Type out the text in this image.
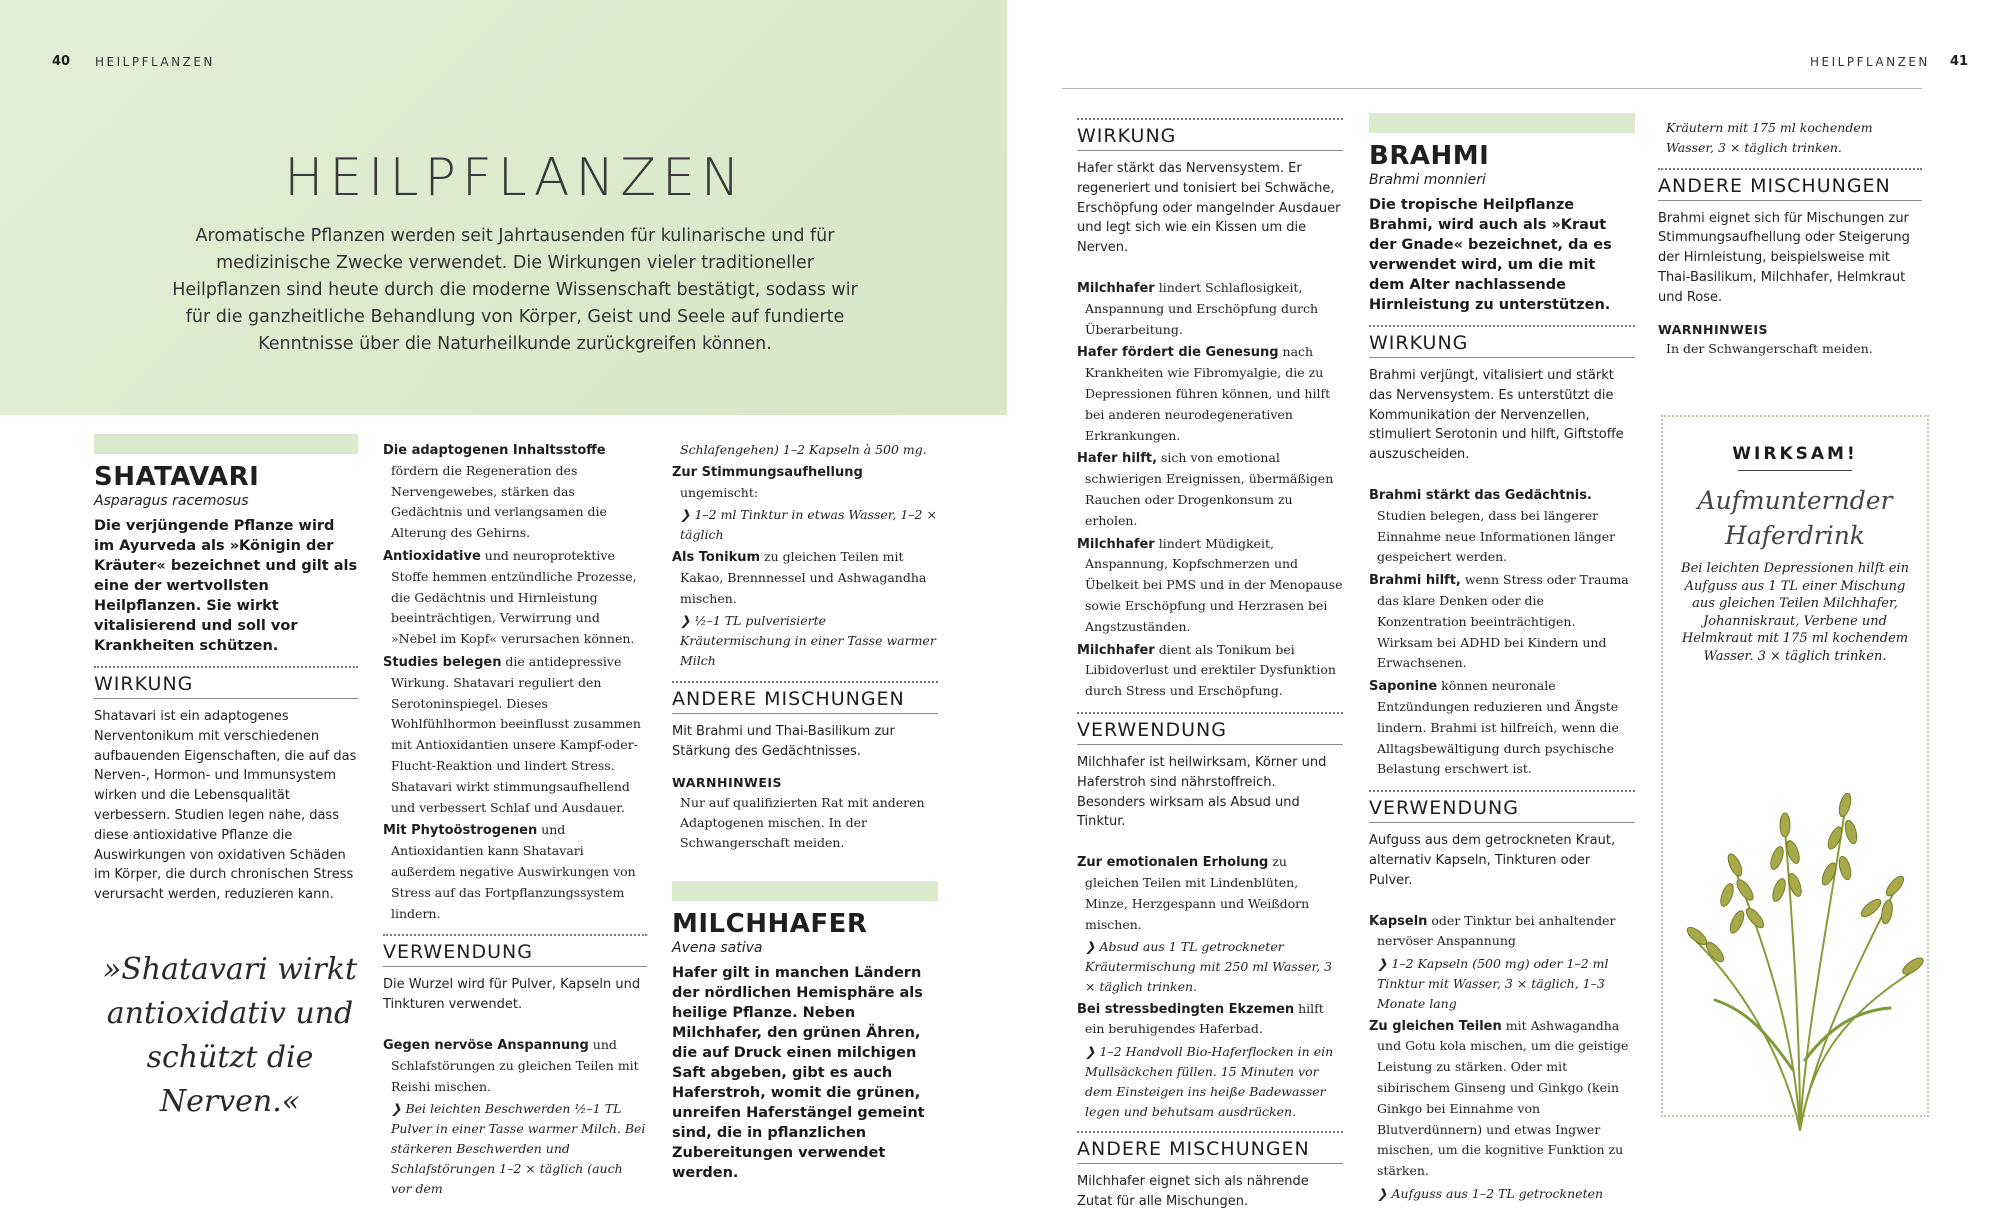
40 HEILPFLANZEN	HEILPFLANZEN 41
HEILPFLANZEN
Aromatische Pflanzen werden seit Jahrtausenden für kulinarische und für medizinische Zwecke verwendet. Die Wirkungen vieler traditioneller Heilpflanzen sind heute durch die moderne Wissenschaft bestätigt, sodass wir für die ganzheitliche Behandlung von Körper, Geist und Seele auf fundierte Kenntnisse über die Naturheilkunde zurückgreifen können.
SHATAVARI
Asparagus racemosus
Die verjüngende Pflanze wird im Ayurveda als »Königin der Kräuter« bezeichnet und gilt als eine der wertvollsten Heilpflanzen. Sie wirkt vitalisierend und soll vor Krankheiten schützen.
WIRKUNG
Shatavari ist ein adaptogenes Nerventonikum mit verschiedenen aufbauenden Eigenschaften, die auf das Nerven-, Hormon- und Immunsystem wirken und die Lebensqualität verbessern. Studien legen nahe, dass diese antioxidative Pflanze die Auswirkungen von oxidativen Schäden im Körper, die durch chronischen Stress verursacht werden, reduzieren kann.
»Shatavari wirkt antioxidativ und schützt die Nerven.«
Die adaptogenen Inhaltsstoffe fördern die Regeneration des Nervengewebes, stärken das Gedächtnis und verlangsamen die Alterung des Gehirns.
Antioxidative und neuroprotektive Stoffe hemmen entzündliche Prozesse, die Gedächtnis und Hirnleistung beeinträchtigen, Verwirrung und »Nebel im Kopf« verursachen können.
Studies belegen die antidepressive Wirkung. Shatavari reguliert den Serotoninspiegel. Dieses Wohlfühlhormon beeinflusst zusammen mit Antioxidantien unsere Kampf-oder-Flucht-Reaktion und lindert Stress. Shatavari wirkt stimmungsaufhellend und verbessert Schlaf und Ausdauer.
Mit Phytoöstrogenen und Antioxidantien kann Shatavari außerdem negative Auswirkungen von Stress auf das Fortpflanzungssystem lindern.
VERWENDUNG
Die Wurzel wird für Pulver, Kapseln und Tinkturen verwendet.
Gegen nervöse Anspannung und Schlafstörungen zu gleichen Teilen mit Reishi mischen.
❯ Bei leichten Beschwerden ½–1 TL Pulver in einer Tasse warmer Milch. Bei stärkeren Beschwerden und Schlafstörungen 1–2 × täglich (auch vor dem
Schlafengehen) 1–2 Kapseln à 500 mg.
Zur Stimmungsaufhellung ungemischt:
❯ 1–2 ml Tinktur in etwas Wasser, 1–2 × täglich
Als Tonikum zu gleichen Teilen mit Kakao, Brennnessel und Ashwagandha mischen.
❯ ½–1 TL pulverisierte Kräutermischung in einer Tasse warmer Milch
ANDERE MISCHUNGEN
Mit Brahmi und Thai-Basilikum zur Stärkung des Gedächtnisses.
WARNHINWEIS
Nur auf qualifizierten Rat mit anderen Adaptogenen mischen. In der Schwangerschaft meiden.
MILCHHAFER
Avena sativa
Hafer gilt in manchen Ländern der nördlichen Hemisphäre als heilige Pflanze. Neben Milchhafer, den grünen Ähren, die auf Druck einen milchigen Saft abgeben, gibt es auch Haferstroh, womit die grünen, unreifen Haferstängel gemeint sind, die in pflanzlichen Zubereitungen verwendet werden.
WIRKUNG
Hafer stärkt das Nervensystem. Er regeneriert und tonisiert bei Schwäche, Erschöpfung oder mangelnder Ausdauer und legt sich wie ein Kissen um die Nerven.
Milchhafer lindert Schlaflosigkeit, Anspannung und Erschöpfung durch Überarbeitung.
Hafer fördert die Genesung nach Krankheiten wie Fibromyalgie, die zu Depressionen führen können, und hilft bei anderen neurodegenerativen Erkrankungen.
Hafer hilft, sich von emotional schwierigen Ereignissen, übermäßigen Rauchen oder Drogenkonsum zu erholen.
Milchhafer lindert Müdigkeit, Anspannung, Kopfschmerzen und Übelkeit bei PMS und in der Menopause sowie Erschöpfung und Herzrasen bei Angstzuständen.
Milchhafer dient als Tonikum bei Libidoverlust und erektiler Dysfunktion durch Stress und Erschöpfung.
VERWENDUNG
Milchhafer ist heilwirksam, Körner und Haferstroh sind nährstoffreich. Besonders wirksam als Absud und Tinktur.
Zur emotionalen Erholung zu gleichen Teilen mit Lindenblüten, Minze, Herzgespann und Weißdorn mischen.
❯ Absud aus 1 TL getrockneter Kräutermischung mit 250 ml Wasser, 3 × täglich trinken.
Bei stressbedingten Ekzemen hilft ein beruhigendes Haferbad.
❯ 1–2 Handvoll Bio-Haferflocken in ein Mullsäckchen füllen. 15 Minuten vor dem Einsteigen ins heiße Badewasser legen und behutsam ausdrücken.
ANDERE MISCHUNGEN
Milchhafer eignet sich als nährende Zutat für alle Mischungen.
BRAHMI
Brahmi monnieri
Die tropische Heilpflanze Brahmi, wird auch als »Kraut der Gnade« bezeichnet, da es verwendet wird, um die mit dem Alter nachlassende Hirnleistung zu unterstützen.
WIRKUNG
Brahmi verjüngt, vitalisiert und stärkt das Nervensystem. Es unterstützt die Kommunikation der Nervenzellen, stimuliert Serotonin und hilft, Giftstoffe auszuscheiden.
Brahmi stärkt das Gedächtnis. Studien belegen, dass bei längerer Einnahme neue Informationen länger gespeichert werden.
Brahmi hilft, wenn Stress oder Trauma das klare Denken oder die Konzentration beeinträchtigen. Wirksam bei ADHD bei Kindern und Erwachsenen.
Saponine können neuronale Entzündungen reduzieren und Ängste lindern. Brahmi ist hilfreich, wenn die Alltagsbewältigung durch psychische Belastung erschwert ist.
VERWENDUNG
Aufguss aus dem getrockneten Kraut, alternativ Kapseln, Tinkturen oder Pulver.
Kapseln oder Tinktur bei anhaltender nervöser Anspannung
❯ 1–2 Kapseln (500 mg) oder 1–2 ml Tinktur mit Wasser, 3 × täglich, 1–3 Monate lang
Zu gleichen Teilen mit Ashwagandha und Gotu kola mischen, um die geistige Leistung zu stärken. Oder mit sibirischem Ginseng und Ginkgo (kein Ginkgo bei Einnahme von Blutverdünnern) und etwas Ingwer mischen, um die kognitive Funktion zu stärken.
❯ Aufguss aus 1–2 TL getrockneten
Kräutern mit 175 ml kochendem Wasser, 3 × täglich trinken.
ANDERE MISCHUNGEN
Brahmi eignet sich für Mischungen zur Stimmungsaufhellung oder Steigerung der Hirnleistung, beispielsweise mit Thai-Basilikum, Milchhafer, Helmkraut und Rose.
WARNHINWEIS
In der Schwangerschaft meiden.
WIRKSAM!
Aufmunternder Haferdrink
Bei leichten Depressionen hilft ein Aufguss aus 1 TL einer Mischung aus gleichen Teilen Milchhafer, Johanniskraut, Verbene und Helmkraut mit 175 ml kochendem Wasser. 3 × täglich trinken.
